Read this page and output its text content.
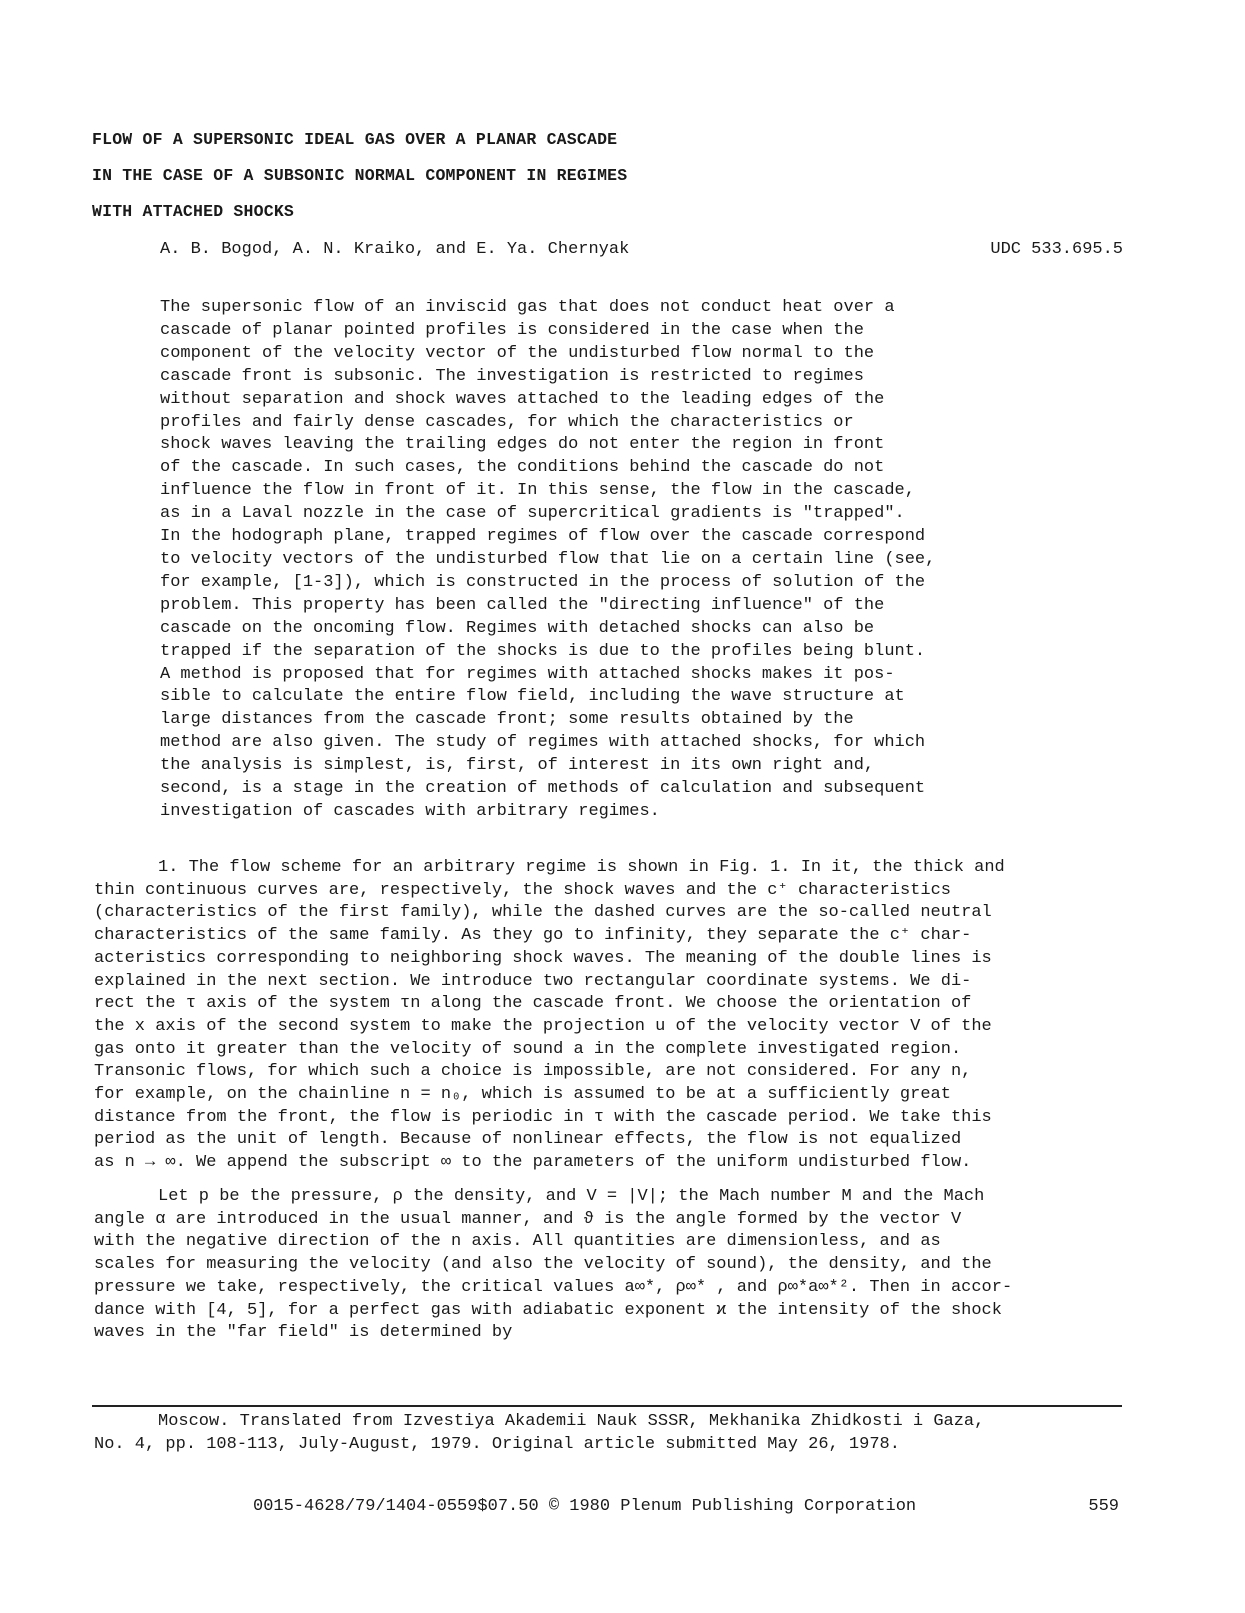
FLOW OF A SUPERSONIC IDEAL GAS OVER A PLANAR CASCADE
IN THE CASE OF A SUBSONIC NORMAL COMPONENT IN REGIMES
WITH ATTACHED SHOCKS
A. B. Bogod, A. N. Kraiko, and E. Ya. Chernyak	UDC 533.695.5
The supersonic flow of an inviscid gas that does not conduct heat over a
cascade of planar pointed profiles is considered in the case when the
component of the velocity vector of the undisturbed flow normal to the
cascade front is subsonic. The investigation is restricted to regimes
without separation and shock waves attached to the leading edges of the
profiles and fairly dense cascades, for which the characteristics or
shock waves leaving the trailing edges do not enter the region in front
of the cascade. In such cases, the conditions behind the cascade do not
influence the flow in front of it. In this sense, the flow in the cascade,
as in a Laval nozzle in the case of supercritical gradients is "trapped".
In the hodograph plane, trapped regimes of flow over the cascade correspond
to velocity vectors of the undisturbed flow that lie on a certain line (see,
for example, [1-3]), which is constructed in the process of solution of the
problem. This property has been called the "directing influence" of the
cascade on the oncoming flow. Regimes with detached shocks can also be
trapped if the separation of the shocks is due to the profiles being blunt.
A method is proposed that for regimes with attached shocks makes it pos-
sible to calculate the entire flow field, including the wave structure at
large distances from the cascade front; some results obtained by the
method are also given. The study of regimes with attached shocks, for which
the analysis is simplest, is, first, of interest in its own right and,
second, is a stage in the creation of methods of calculation and subsequent
investigation of cascades with arbitrary regimes.
1. The flow scheme for an arbitrary regime is shown in Fig. 1. In it, the thick and
thin continuous curves are, respectively, the shock waves and the c⁺ characteristics
(characteristics of the first family), while the dashed curves are the so-called neutral
characteristics of the same family. As they go to infinity, they separate the c⁺ char-
acteristics corresponding to neighboring shock waves. The meaning of the double lines is
explained in the next section. We introduce two rectangular coordinate systems. We di-
rect the τ axis of the system τn along the cascade front. We choose the orientation of
the x axis of the second system to make the projection u of the velocity vector V of the
gas onto it greater than the velocity of sound a in the complete investigated region.
Transonic flows, for which such a choice is impossible, are not considered. For any n,
for example, on the chainline n = n₀, which is assumed to be at a sufficiently great
distance from the front, the flow is periodic in τ with the cascade period. We take this
period as the unit of length. Because of nonlinear effects, the flow is not equalized
as n → ∞. We append the subscript ∞ to the parameters of the uniform undisturbed flow.
Let p be the pressure, ρ the density, and V = |V|; the Mach number M and the Mach
angle α are introduced in the usual manner, and ϑ is the angle formed by the vector V
with the negative direction of the n axis. All quantities are dimensionless, and as
scales for measuring the velocity (and also the velocity of sound), the density, and the
pressure we take, respectively, the critical values a∞*, ρ∞* , and ρ∞*a∞*². Then in accor-
dance with [4, 5], for a perfect gas with adiabatic exponent ϰ the intensity of the shock
waves in the "far field" is determined by
Moscow. Translated from Izvestiya Akademii Nauk SSSR, Mekhanika Zhidkosti i Gaza,
No. 4, pp. 108-113, July-August, 1979. Original article submitted May 26, 1978.
0015-4628/79/1404-0559$07.50 © 1980 Plenum Publishing Corporation	559
